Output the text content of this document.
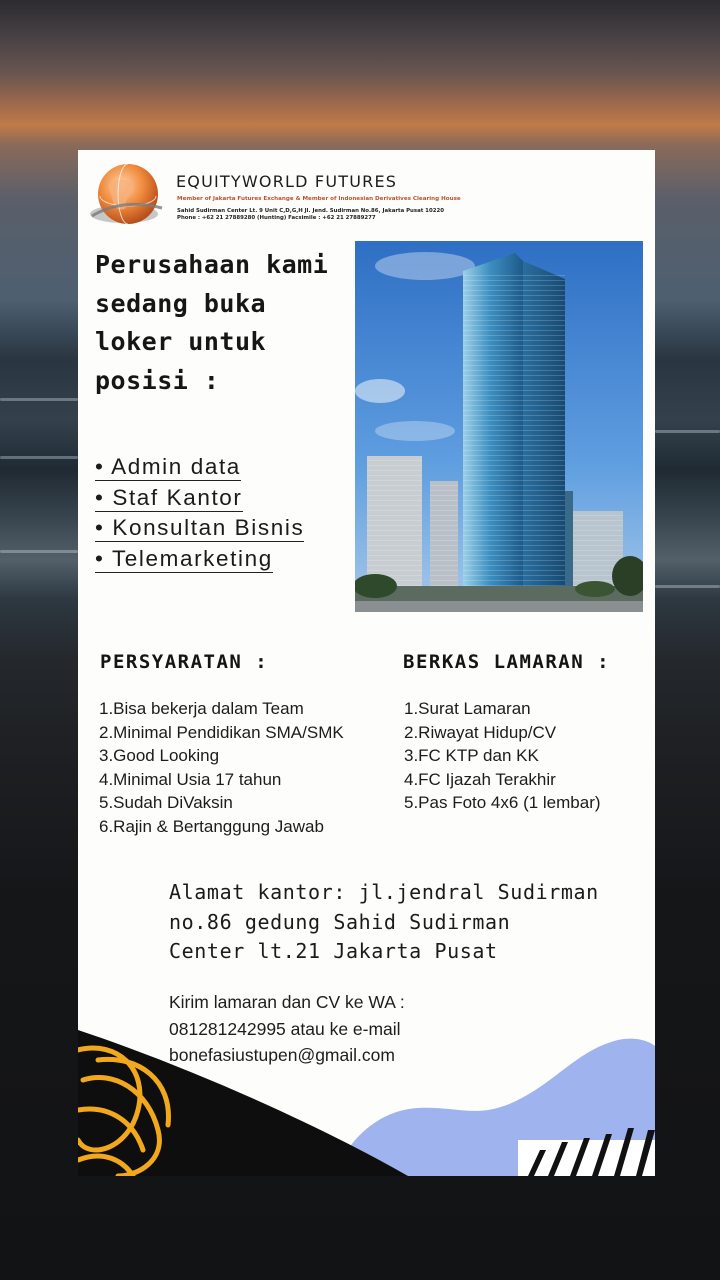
EQUITYWORLD FUTURES
Member of Jakarta Futures Exchange & Member of Indonesian Derivatives Clearing House
Sahid Sudirman Center Lt. 9 Unit C,D,G,H Jl. Jend. Sudirman No.86, Jakarta Pusat 10220
Phone : +62 21 27889280 (Hunting) Facsimile : +62 21 27889277
Perusahaan kami
sedang buka
loker untuk
posisi :
• Admin data
• Staf Kantor
• Konsultan Bisnis
• Telemarketing
PERSYARATAN :
1.Bisa bekerja dalam Team
2.Minimal Pendidikan SMA/SMK
3.Good Looking
4.Minimal Usia 17 tahun
5.Sudah DiVaksin
6.Rajin & Bertanggung Jawab
BERKAS LAMARAN :
1.Surat Lamaran
2.Riwayat Hidup/CV
3.FC KTP dan KK
4.FC Ijazah Terakhir
5.Pas Foto 4x6 (1 lembar)
Alamat kantor: jl.jendral Sudirman
no.86 gedung Sahid Sudirman
Center lt.21 Jakarta Pusat
Kirim lamaran dan CV ke WA :
081281242995 atau ke e-mail
bonefasiustupen@gmail.com
